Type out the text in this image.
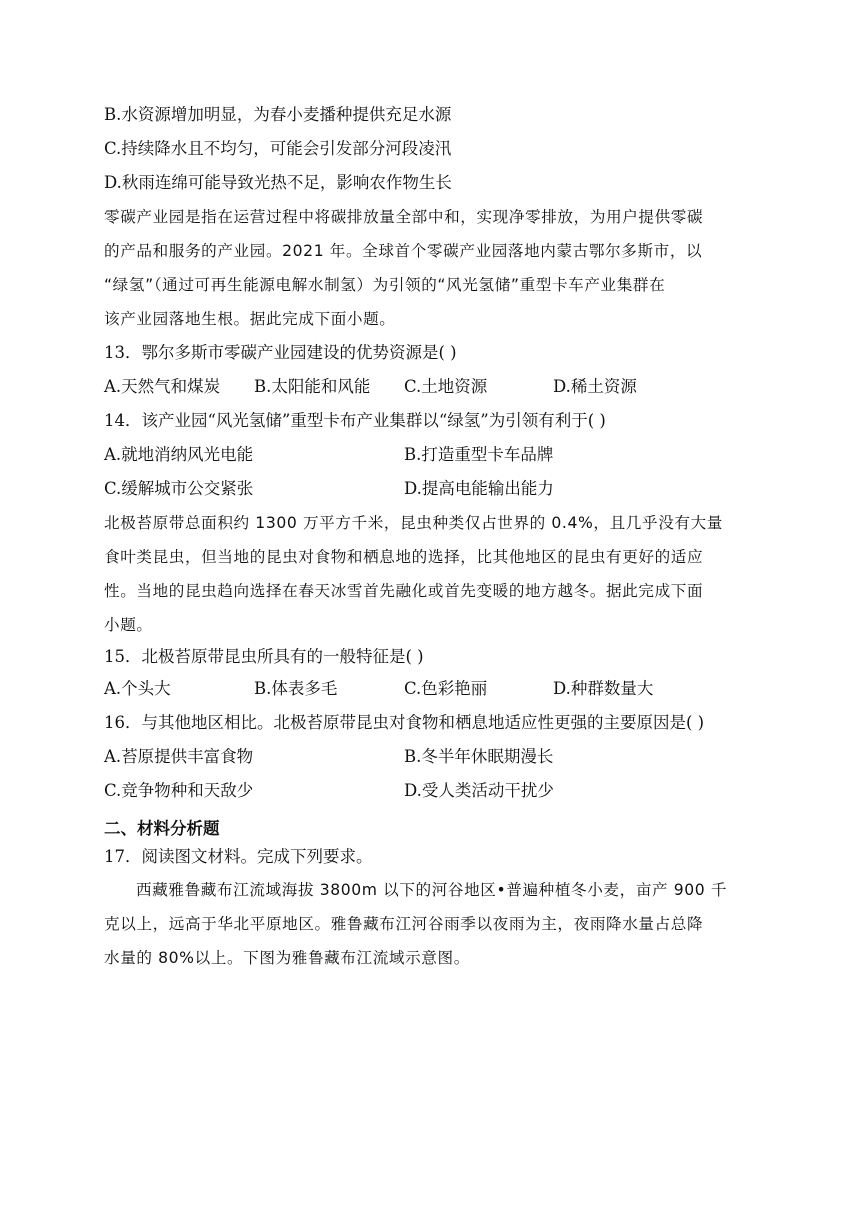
B.水资源增加明显，为春小麦播种提供充足水源
C.持续降水且不均匀，可能会引发部分河段凌汛
D.秋雨连绵可能导致光热不足，影响农作物生长
零碳产业园是指在运营过程中将碳排放量全部中和，实现净零排放，为用户提供零碳
的产品和服务的产业园。2021 年。全球首个零碳产业园落地内蒙古鄂尔多斯市，以
“绿氢”（通过可再生能源电解水制氢）为引领的“风光氢储”重型卡车产业集群在
该产业园落地生根。据此完成下面小题。
13．鄂尔多斯市零碳产业园建设的优势资源是( )
A.天然气和煤炭 B.太阳能和风能 C.土地资源	D.稀土资源
14．该产业园“风光氢储”重型卡布产业集群以“绿氢”为引领有利于( )
A.就地消纳风光电能	B.打造重型卡车品牌
C.缓解城市公交紧张	D.提高电能输出能力
北极苔原带总面积约 1300 万平方千米，昆虫种类仅占世界的 0.4%，且几乎没有大量
食叶类昆虫，但当地的昆虫对食物和栖息地的选择，比其他地区的昆虫有更好的适应
性。当地的昆虫趋向选择在春天冰雪首先融化或首先变暖的地方越冬。据此完成下面
小题。
15．北极苔原带昆虫所具有的一般特征是( )
A.个头大	B.体表多毛	C.色彩艳丽	D.种群数量大
16．与其他地区相比。北极苔原带昆虫对食物和栖息地适应性更强的主要原因是( )
A.苔原提供丰富食物	B.冬半年休眠期漫长
C.竞争物种和天敌少	D.受人类活动干扰少
二、材料分析题
17．阅读图文材料。完成下列要求。
西藏雅鲁藏布江流域海拔 3800m 以下的河谷地区•普遍种植冬小麦，亩产 900 千
克以上，远高于华北平原地区。雅鲁藏布江河谷雨季以夜雨为主，夜雨降水量占总降
水量的 80%以上。下图为雅鲁藏布江流域示意图。
